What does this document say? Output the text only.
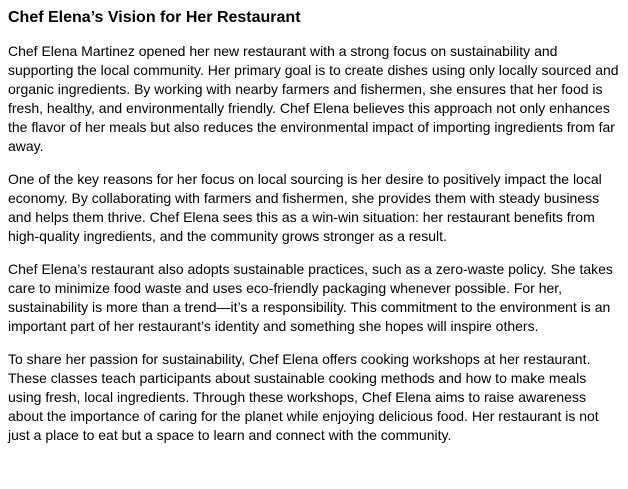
Chef Elena’s Vision for Her Restaurant

Chef Elena Martinez opened her new restaurant with a strong focus on sustainability and supporting the local community. Her primary goal is to create dishes using only locally sourced and organic ingredients. By working with nearby farmers and fishermen, she ensures that her food is fresh, healthy, and environmentally friendly. Chef Elena believes this approach not only enhances the flavor of her meals but also reduces the environmental impact of importing ingredients from far away.

One of the key reasons for her focus on local sourcing is her desire to positively impact the local economy. By collaborating with farmers and fishermen, she provides them with steady business and helps them thrive. Chef Elena sees this as a win-win situation: her restaurant benefits from high-quality ingredients, and the community grows stronger as a result.

Chef Elena’s restaurant also adopts sustainable practices, such as a zero-waste policy. She takes care to minimize food waste and uses eco-friendly packaging whenever possible. For her, sustainability is more than a trend—it’s a responsibility. This commitment to the environment is an important part of her restaurant’s identity and something she hopes will inspire others.

To share her passion for sustainability, Chef Elena offers cooking workshops at her restaurant. These classes teach participants about sustainable cooking methods and how to make meals using fresh, local ingredients. Through these workshops, Chef Elena aims to raise awareness about the importance of caring for the planet while enjoying delicious food. Her restaurant is not just a place to eat but a space to learn and connect with the community.
